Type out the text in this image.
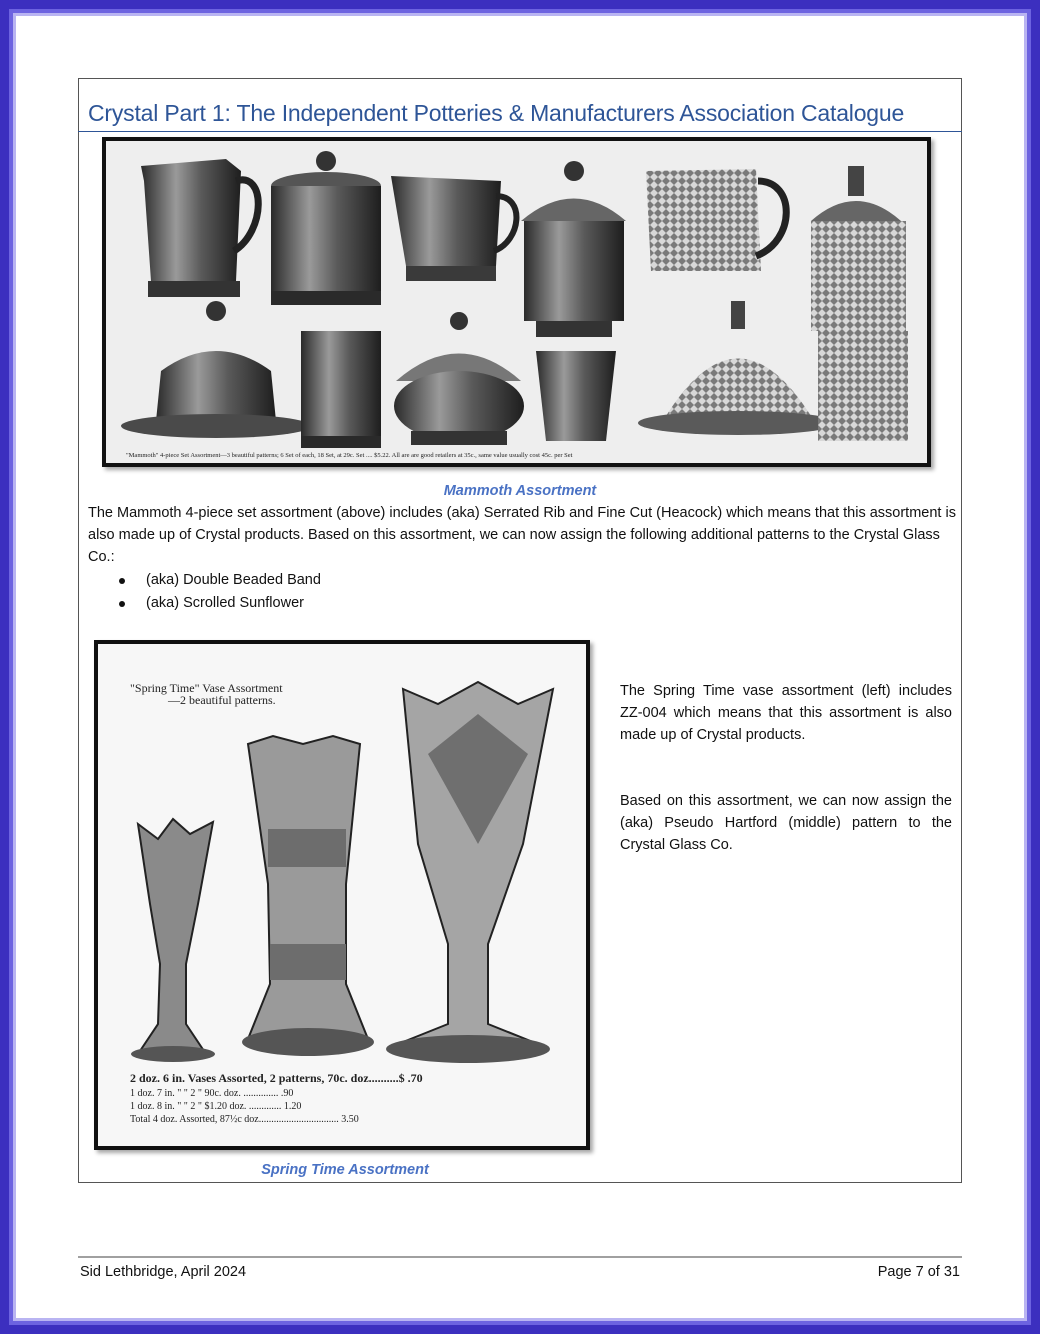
Crystal Part 1: The Independent Potteries & Manufacturers Association Catalogue
"Mammoth" 4-piece Set Assortment—3 beautiful patterns; 6 Set of each, 18 Set, at 29c. Set .... $5.22. All are are good retailers at 35c., same value usually cost 45c. per Set
Mammoth Assortment
The Mammoth 4-piece set assortment (above) includes (aka) Serrated Rib and Fine Cut (Heacock) which means that this assortment is also made up of Crystal products. Based on this assortment, we can now assign the following additional patterns to the Crystal Glass Co.:
(aka) Double Beaded Band
(aka) Scrolled Sunflower
"Spring Time" Vase Assortment
—2 beautiful patterns.
2 doz. 6 in. Vases Assorted, 2 patterns, 70c. doz..........$ .70
1 doz. 7 in. " " 2 " 90c. doz. .............. .90
1 doz. 8 in. " " 2 " $1.20 doz. ............. 1.20
Total 4 doz. Assorted, 87½c doz................................ 3.50
The Spring Time vase assortment (left) includes ZZ-004 which means that this assortment is also made up of Crystal products.
Based on this assortment, we can now assign the (aka) Pseudo Hartford (middle) pattern to the Crystal Glass Co.
Spring Time Assortment
Sid Lethbridge, April 2024	Page 7 of 31
